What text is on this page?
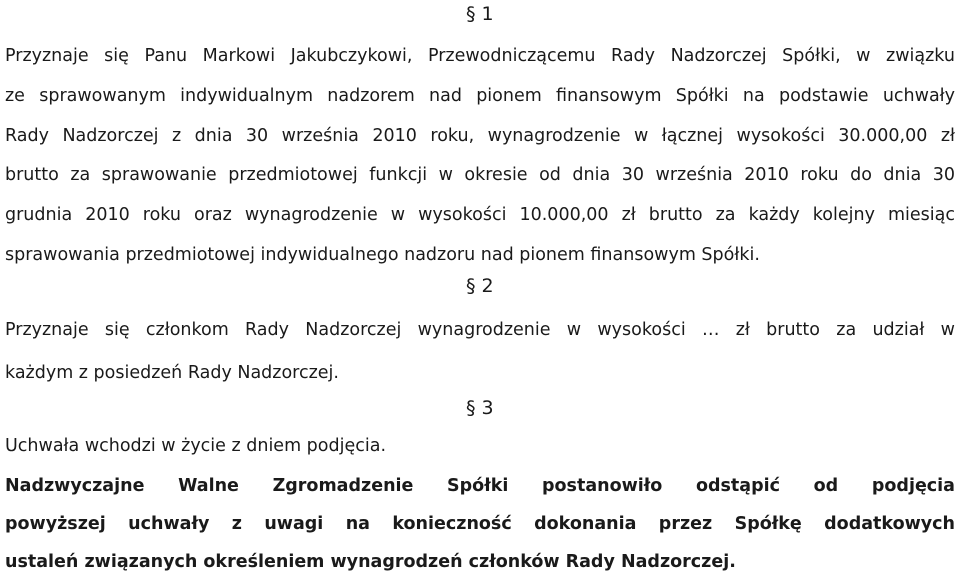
§ 1
Przyznaje się Panu Markowi Jakubczykowi, Przewodniczącemu Rady Nadzorczej Spółki, w związku
ze sprawowanym indywidualnym nadzorem nad pionem finansowym Spółki na podstawie uchwały
Rady Nadzorczej z dnia 30 września 2010 roku, wynagrodzenie w łącznej wysokości 30.000,00 zł
brutto za sprawowanie przedmiotowej funkcji w okresie od dnia 30 września 2010 roku do dnia 30
grudnia 2010 roku oraz wynagrodzenie w wysokości 10.000,00 zł brutto za każdy kolejny miesiąc
sprawowania przedmiotowej indywidualnego nadzoru nad pionem finansowym Spółki.
§ 2
Przyznaje się członkom Rady Nadzorczej wynagrodzenie w wysokości … zł brutto za udział w
każdym z posiedzeń Rady Nadzorczej.
§ 3
Uchwała wchodzi w życie z dniem podjęcia.
Nadzwyczajne Walne Zgromadzenie Spółki postanowiło odstąpić od podjęcia
powyższej uchwały z uwagi na konieczność dokonania przez Spółkę dodatkowych
ustaleń związanych określeniem wynagrodzeń członków Rady Nadzorczej.
